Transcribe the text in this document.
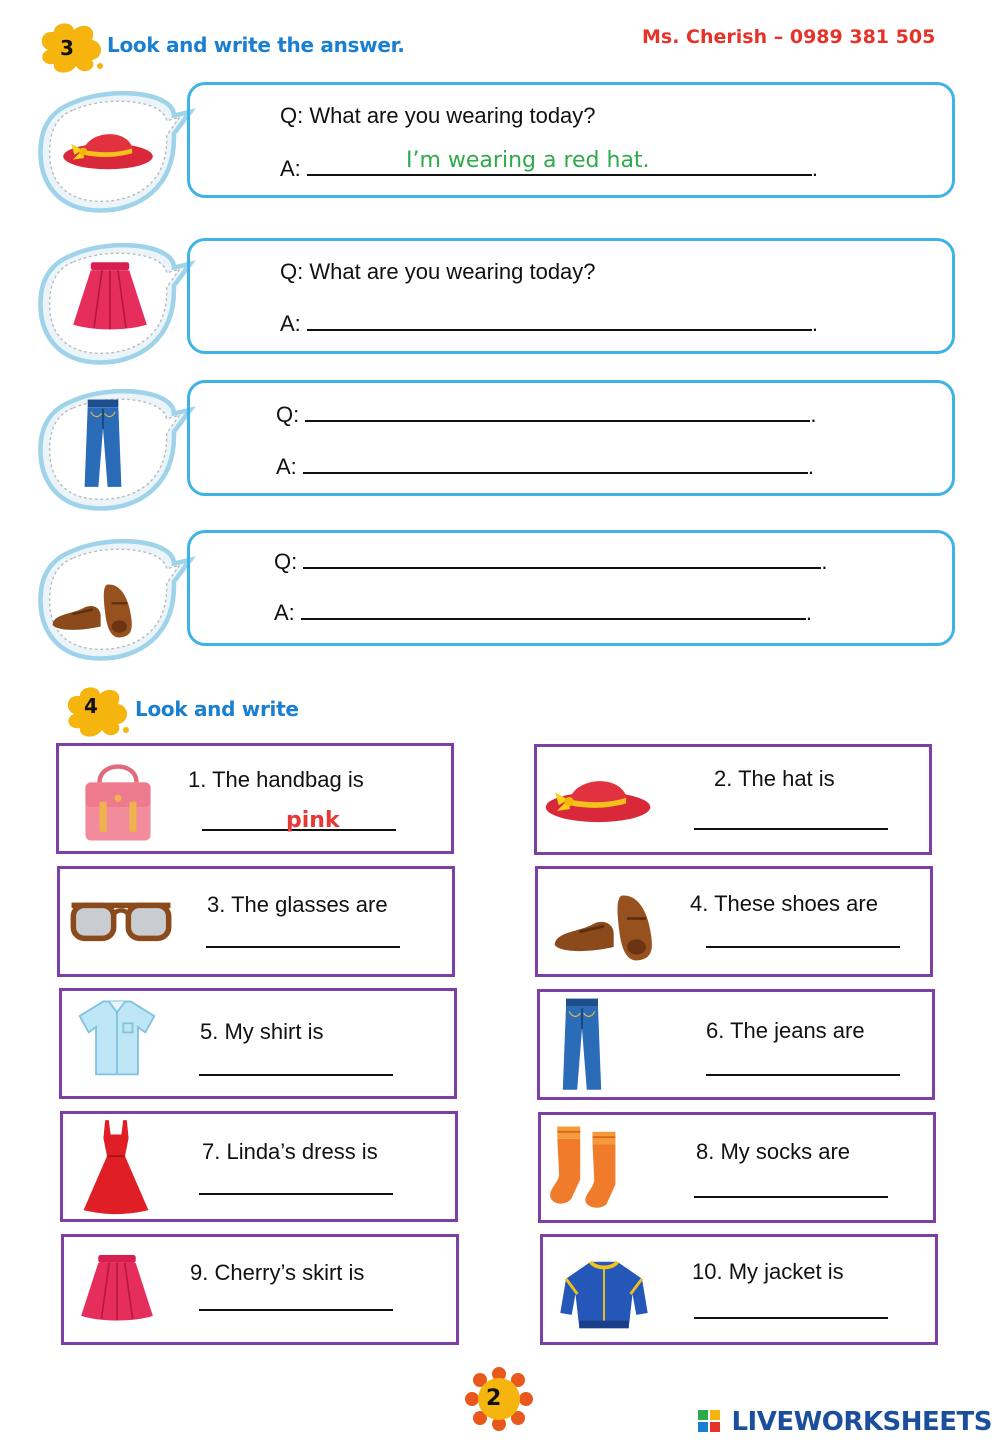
3 Look and write the answer.	Ms. Cherish – 0989 381 505
Q: What are you wearing today?
A:	.
I’m wearing a red hat.
Q: What are you wearing today?
A:	.
Q:	.
A:	.
Q:	.
A:	.
4 Look and write
1. The handbag is
pink
2. The hat is
3. The glasses are	4. These shoes are
5. My shirt is	6. The jeans are
7. Linda’s dress is	8. My socks are
9. Cherry’s skirt is	10. My jacket is
2
LIVEWORKSHEETS
